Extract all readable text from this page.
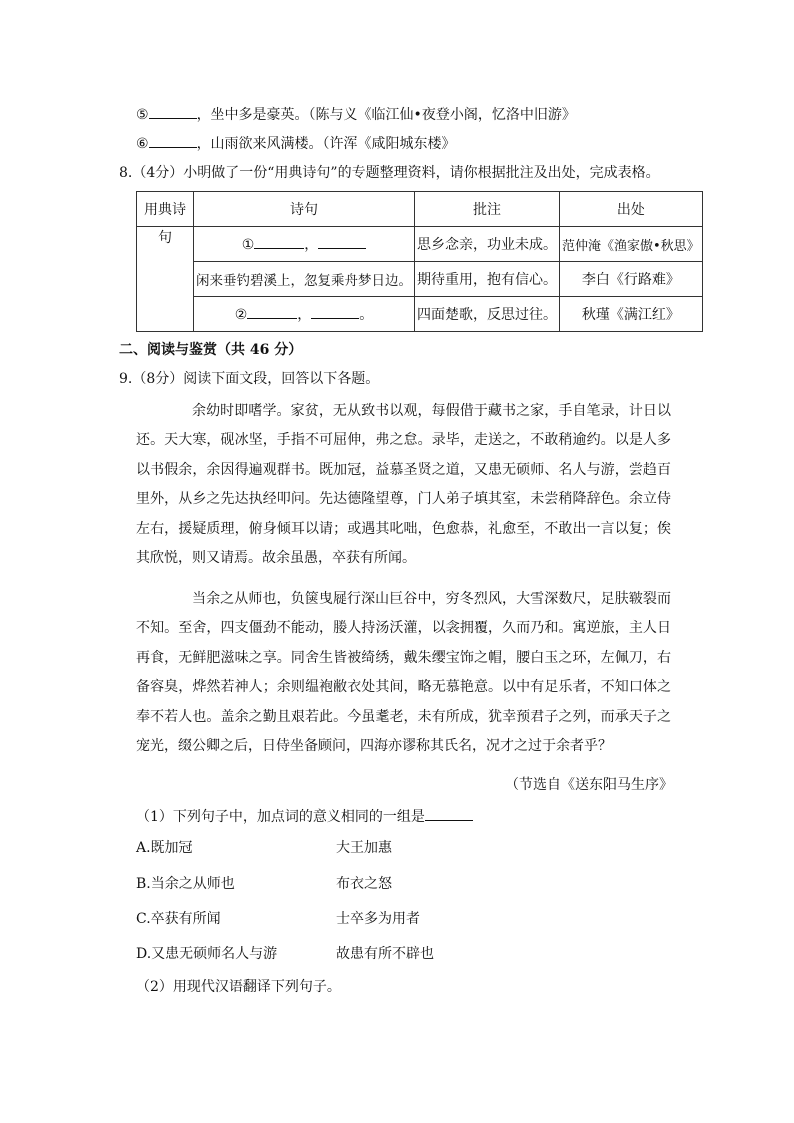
⑤	，坐中多是豪英。（陈与义《临江仙•夜登小阁，忆洛中旧游》
⑥	，山雨欲来风满楼。（许浑《咸阳城东楼》
8.（4分）小明做了一份“用典诗句”的专题整理资料，请你根据批注及出处，完成表格。
用典诗	诗句	批注	出处
句	① ，	思乡念亲，功业未成。	范仲淹《渔家傲•秋思》
	闲来垂钓碧溪上，忽复乘舟梦日边。	期待重用，抱有信心。	李白《行路难》
	② ， 。	四面楚歌，反思过往。	秋瑾《满江红》
二、阅读与鉴赏（共 46 分）
9.（8分）阅读下面文段，回答以下各题。
余幼时即嗜学。家贫，无从致书以观，每假借于藏书之家，手自笔录，计日以还。天大寒，砚冰坚，手指不可屈伸，弗之怠。录毕，走送之，不敢稍逾约。以是人多以书假余，余因得遍观群书。既加冠，益慕圣贤之道，又患无硕师、名人与游，尝趋百里外，从乡之先达执经叩问。先达德隆望尊，门人弟子填其室，未尝稍降辞色。余立侍左右，援疑质理，俯身倾耳以请；或遇其叱咄，色愈恭，礼愈至，不敢出一言以复；俟其欣悦，则又请焉。故余虽愚，卒获有所闻。
当余之从师也，负箧曳屣行深山巨谷中，穷冬烈风，大雪深数尺，足肤皲裂而不知。至舍，四支僵劲不能动，媵人持汤沃灌，以衾拥覆，久而乃和。寓逆旅，主人日再食，无鲜肥滋味之享。同舍生皆被绮绣，戴朱缨宝饰之帽，腰白玉之环，左佩刀，右备容臭，烨然若神人；余则缊袍敝衣处其间，略无慕艳意。以中有足乐者，不知口体之奉不若人也。盖余之勤且艰若此。今虽耄老，未有所成，犹幸预君子之列，而承天子之宠光，缀公卿之后，日侍坐备顾问，四海亦谬称其氏名，况才之过于余者乎？
（节选自《送东阳马生序》
（1）下列句子中，加点词的意义相同的一组是
A.既加冠	大王加惠
B.当余之从师也	布衣之怒
C.卒获有所闻	士卒多为用者
D.又患无硕师名人与游	故患有所不辟也
（2）用现代汉语翻译下列句子。
